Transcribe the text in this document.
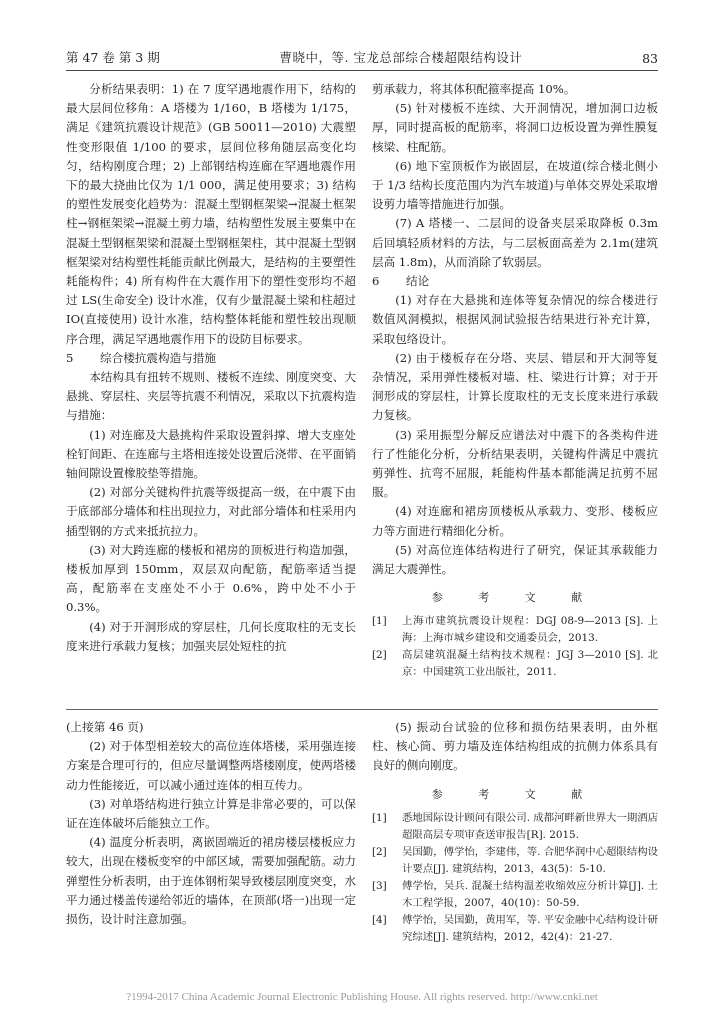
第 47 卷 第 3 期	曹晓中，等. 宝龙总部综合楼超限结构设计	83

分析结果表明：1) 在 7 度罕遇地震作用下，结构的最大层间位移角：A 塔楼为 1/160，B 塔楼为 1/175，满足《建筑抗震设计规范》(GB 50011—2010) 大震塑性变形限值 1/100 的要求，层间位移角随层高变化均匀，结构刚度合理；2) 上部钢结构连廊在罕遇地震作用下的最大挠曲比仅为 1/1 000，满足使用要求；3) 结构的塑性发展变化趋势为：混凝土型钢框架梁→混凝土框架柱→钢框架梁→混凝土剪力墙，结构塑性发展主要集中在混凝土型钢框架梁和混凝土型钢框架柱，其中混凝土型钢框架梁对结构塑性耗能贡献比例最大，是结构的主要塑性耗能构件；4) 所有构件在大震作用下的塑性变形均不超过 LS(生命安全) 设计水准，仅有少量混凝土梁和柱超过 IO(直接使用) 设计水准，结构整体耗能和塑性较出现顺序合理，满足罕遇地震作用下的设防目标要求。

5	综合楼抗震构造与措施

本结构具有扭转不规则、楼板不连续、刚度突变、大悬挑、穿层柱、夹层等抗震不利情况，采取以下抗震构造与措施：

(1) 对连廊及大悬挑构件采取设置斜撑、增大支座处栓钉间距、在连廊与主塔相连接处设置后浇带、在平面销轴间隙设置橡胶垫等措施。

(2) 对部分关键构件抗震等级提高一级，在中震下由于底部部分墙体和柱出现拉力，对此部分墙体和柱采用内插型钢的方式来抵抗拉力。

(3) 对大跨连廊的楼板和裙房的顶板进行构造加强，楼板加厚到 150mm，双层双向配筋，配筋率适当提高，配筋率在支座处不小于 0.6%，跨中处不小于 0.3%。

(4) 对于开洞形成的穿层柱，几何长度取柱的无支长度来进行承载力复核；加强夹层处短柱的抗

剪承载力，将其体积配箍率提高 10%。

(5) 针对楼板不连续、大开洞情况，增加洞口边板厚，同时提高板的配筋率，将洞口边板设置为弹性膜复核梁、柱配筋。

(6) 地下室顶板作为嵌固层，在坡道(综合楼北侧小于 1/3 结构长度范围内为汽车坡道)与单体交界处采取增设剪力墙等措施进行加强。

(7) A 塔楼一、二层间的设备夹层采取降板 0.3m 后回填轻质材料的方法，与二层板面高差为 2.1m(建筑层高 1.8m)，从而消除了软弱层。

6	结论

(1) 对存在大悬挑和连体等复杂情况的综合楼进行数值风洞模拟，根据风洞试验报告结果进行补充计算，采取包络设计。

(2) 由于楼板存在分塔、夹层、错层和开大洞等复杂情况，采用弹性楼板对墙、柱、梁进行计算；对于开洞形成的穿层柱，计算长度取柱的无支长度来进行承载力复核。

(3) 采用振型分解反应谱法对中震下的各类构件进行了性能化分析，分析结果表明，关键构件满足中震抗剪弹性、抗弯不屈服，耗能构件基本都能满足抗剪不屈服。

(4) 对连廊和裙房顶楼板从承载力、变形、楼板应力等方面进行精细化分析。

(5) 对高位连体结构进行了研究，保证其承载能力满足大震弹性。

参 考 文 献
[1]	上海市建筑抗震设计规程：DGJ 08-9—2013 [S]. 上海：上海市城乡建设和交通委员会，2013.
[2]	高层建筑混凝土结构技术规程：JGJ 3—2010 [S]. 北京：中国建筑工业出版社，2011.

(上接第 46 页)

(2) 对于体型相差较大的高位连体塔楼，采用强连接方案是合理可行的，但应尽量调整两塔楼刚度，使两塔楼动力性能接近，可以减小通过连体的相互传力。

(3) 对单塔结构进行独立计算是非常必要的，可以保证在连体破坏后能独立工作。

(4) 温度分析表明，离嵌固端近的裙房楼层楼板应力较大，出现在楼板变窄的中部区域，需要加强配筋。动力弹塑性分析表明，由于连体钢桁架导致楼层刚度突变，水平力通过楼盖传递给邻近的墙体，在顶部(塔一)出现一定损伤，设计时注意加强。

(5) 振动台试验的位移和损伤结果表明，由外框柱、核心筒、剪力墙及连体结构组成的抗侧力体系具有良好的侧向刚度。

参 考 文 献
[1]	悉地国际设计顾问有限公司. 成都河畔新世界大一期酒店超限高层专项审查送审报告[R]. 2015.
[2]	吴国勤，傅学怡，李建伟，等. 合肥华润中心超限结构设计要点[J]. 建筑结构，2013，43(5)：5-10.
[3]	傅学怡，吴兵. 混凝土结构温差收缩效应分析计算[J]. 土木工程学报，2007，40(10)：50-59.
[4]	傅学怡，吴国勤，黄用军，等. 平安金融中心结构设计研究综述[J]. 建筑结构，2012，42(4)：21-27.
?1994-2017 China Academic Journal Electronic Publishing House. All rights reserved. http://www.cnki.net
